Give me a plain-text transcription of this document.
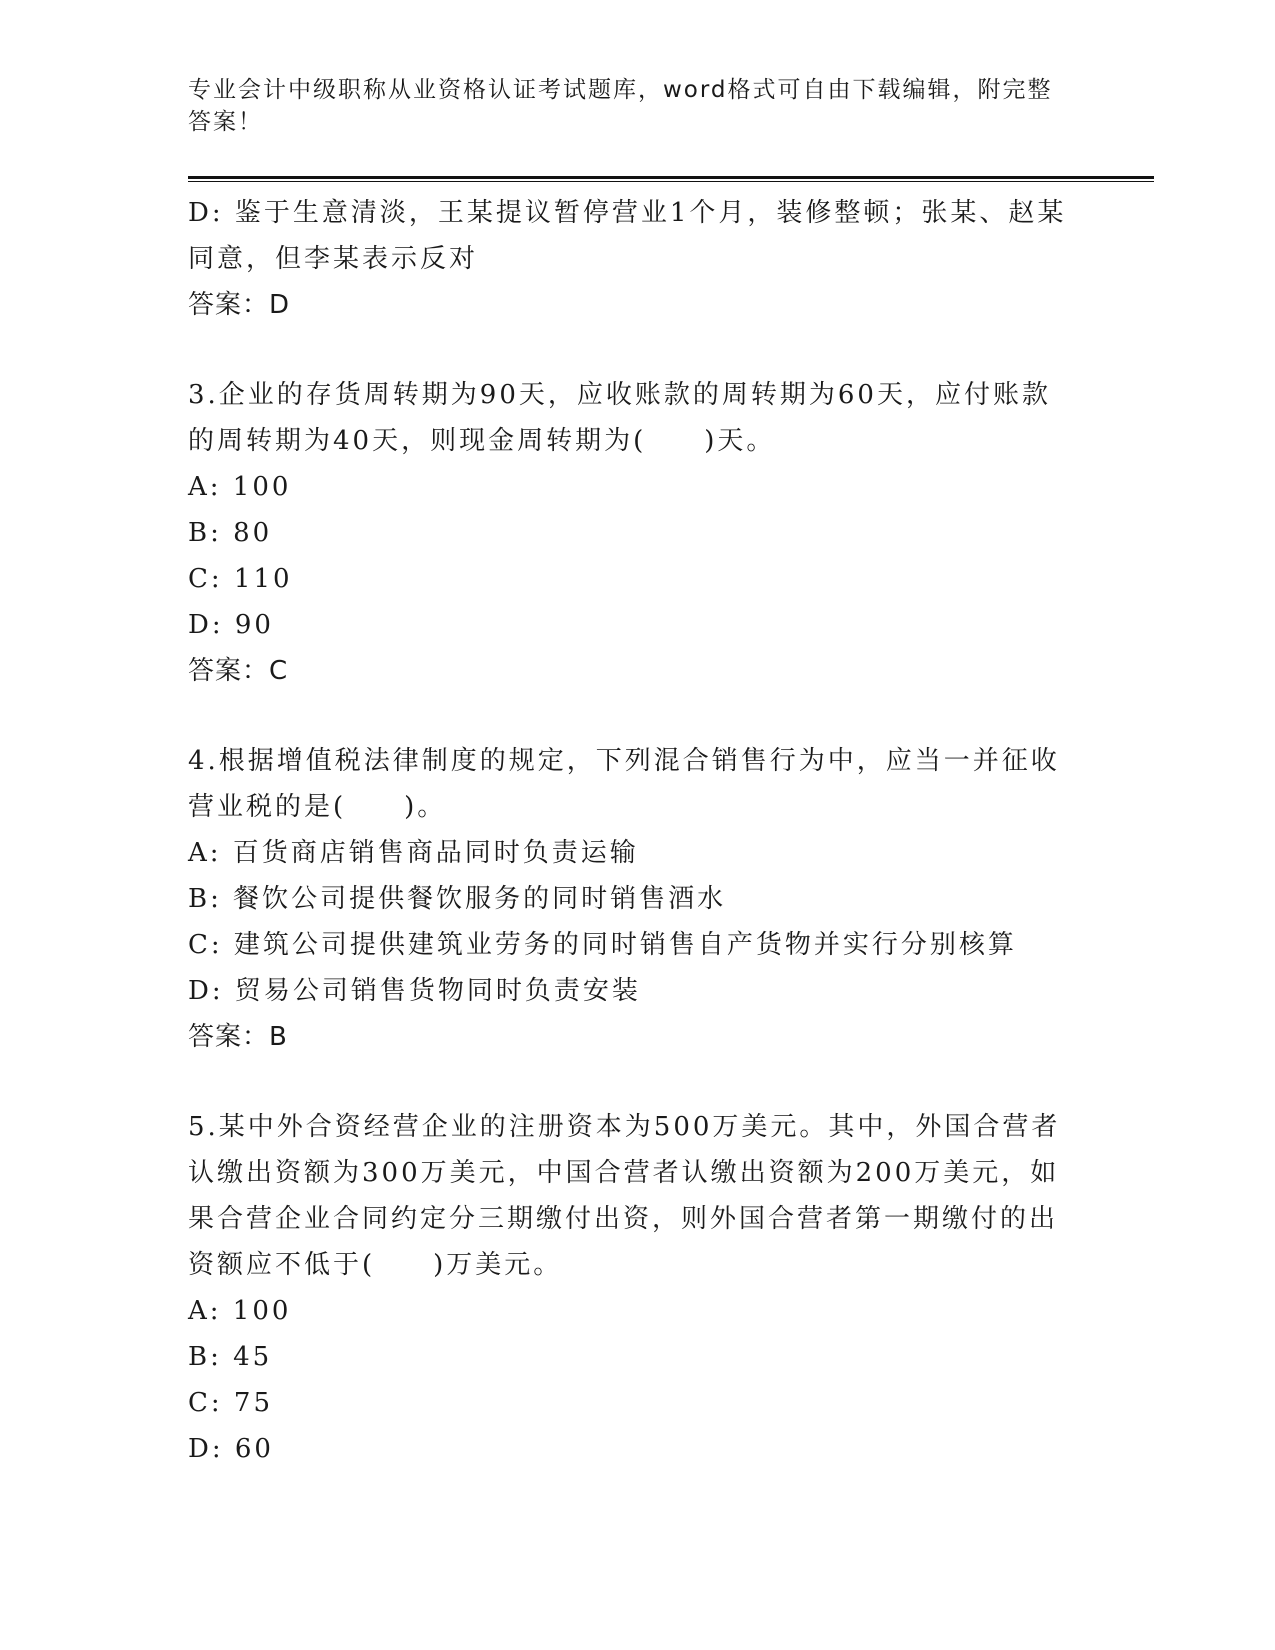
专业会计中级职称从业资格认证考试题库，word格式可自由下载编辑，附完整答案！
D: 鉴于生意清淡，王某提议暂停营业1个月，装修整顿；张某、赵某
同意，但李某表示反对
答案：D
3.企业的存货周转期为90天，应收账款的周转期为60天，应付账款
的周转期为40天，则现金周转期为(　　)天。
A: 100
B: 80
C: 110
D: 90
答案：C
4.根据增值税法律制度的规定，下列混合销售行为中，应当一并征收
营业税的是(　　)。
A: 百货商店销售商品同时负责运输
B: 餐饮公司提供餐饮服务的同时销售酒水
C: 建筑公司提供建筑业劳务的同时销售自产货物并实行分别核算
D: 贸易公司销售货物同时负责安装
答案：B
5.某中外合资经营企业的注册资本为500万美元。其中，外国合营者
认缴出资额为300万美元，中国合营者认缴出资额为200万美元，如
果合营企业合同约定分三期缴付出资，则外国合营者第一期缴付的出
资额应不低于(　　)万美元。
A: 100
B: 45
C: 75
D: 60
